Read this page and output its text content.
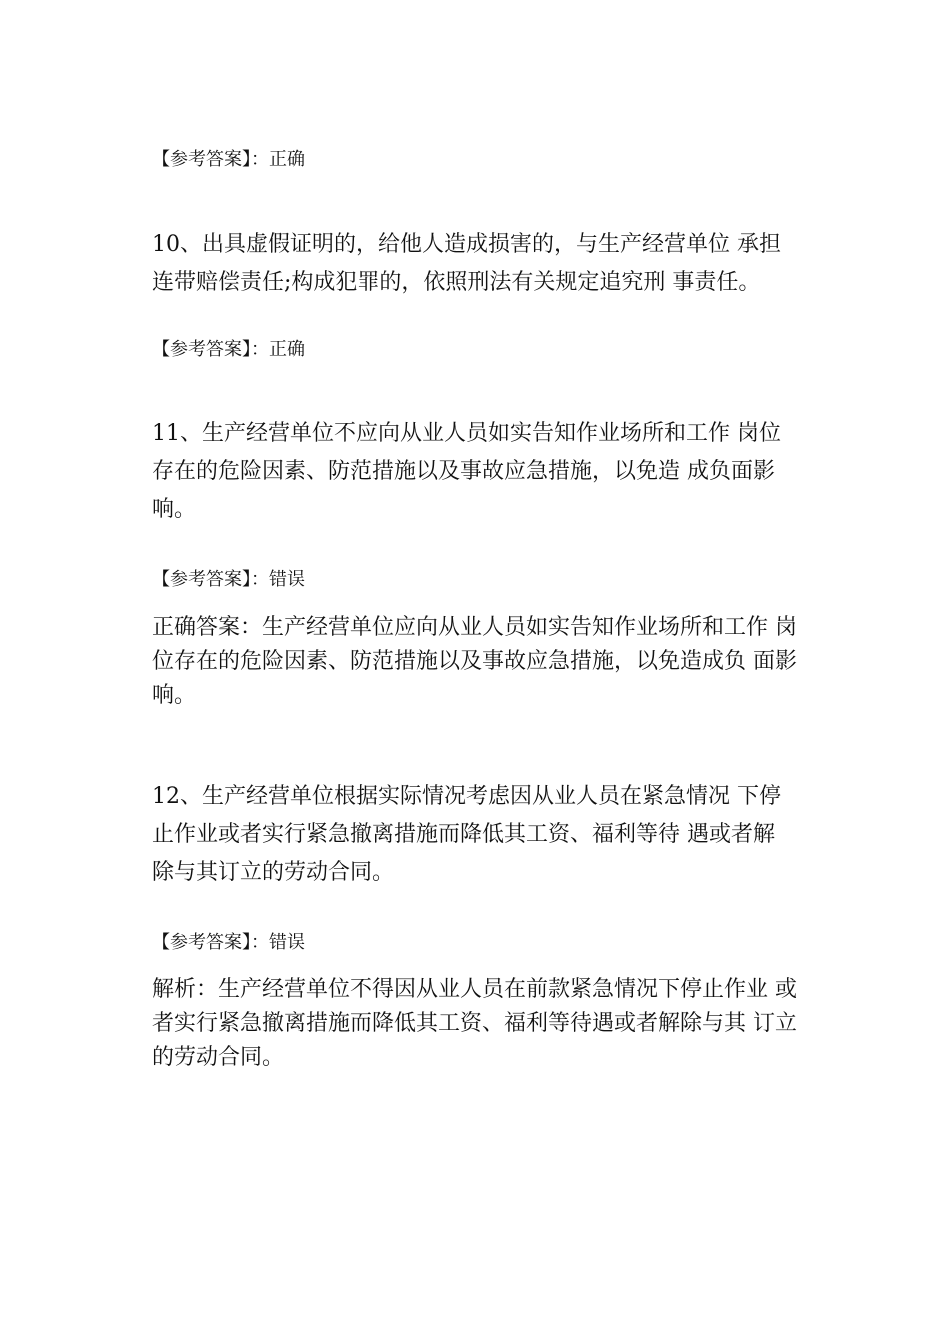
【参考答案】：正确
10、出具虚假证明的，给他人造成损害的，与生产经营单位 承担
连带赔偿责任;构成犯罪的，依照刑法有关规定追究刑 事责任。
【参考答案】：正确
11、生产经营单位不应向从业人员如实告知作业场所和工作 岗位
存在的危险因素、防范措施以及事故应急措施，以免造 成负面影
响。
【参考答案】：错误
正确答案：生产经营单位应向从业人员如实告知作业场所和工作 岗
位存在的危险因素、防范措施以及事故应急措施，以免造成负 面影
响。
12、生产经营单位根据实际情况考虑因从业人员在紧急情况 下停
止作业或者实行紧急撤离措施而降低其工资、福利等待 遇或者解
除与其订立的劳动合同。
【参考答案】：错误
解析：生产经营单位不得因从业人员在前款紧急情况下停止作业 或
者实行紧急撤离措施而降低其工资、福利等待遇或者解除与其 订立
的劳动合同。
